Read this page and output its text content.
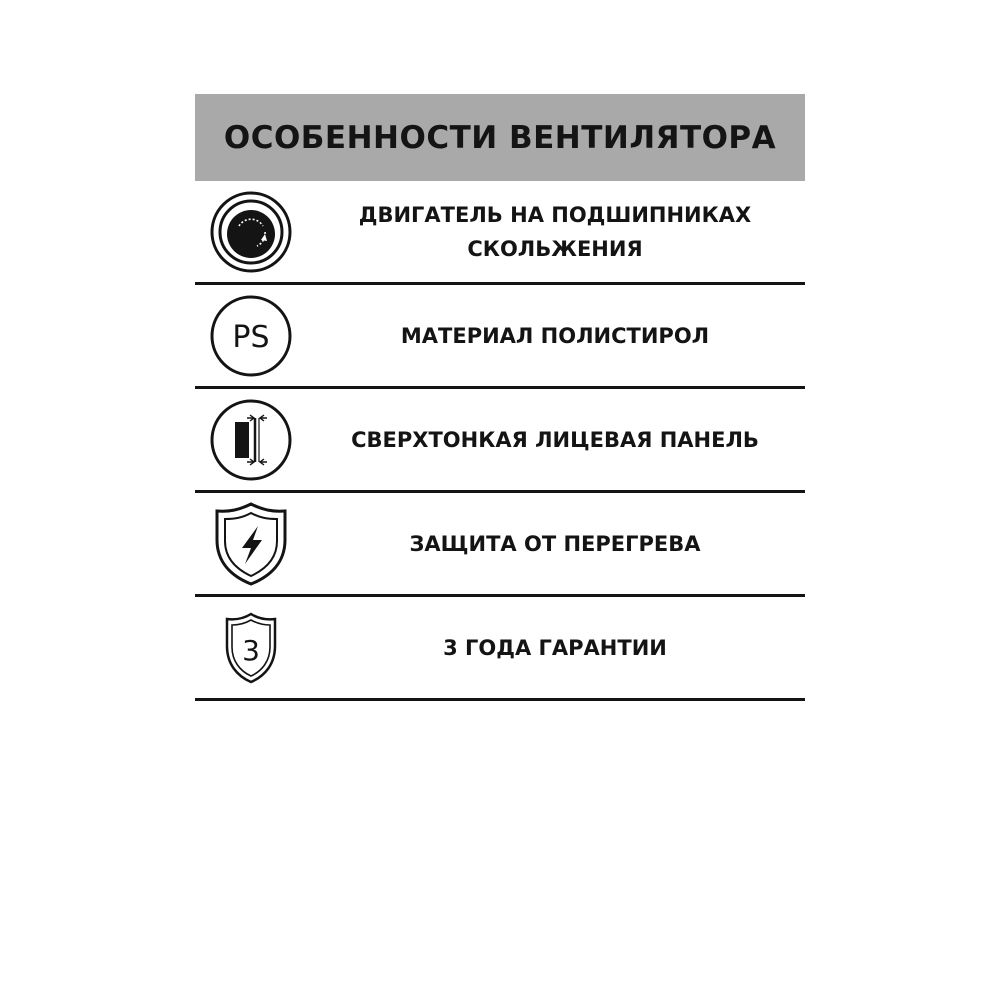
ОСОБЕННОСТИ ВЕНТИЛЯТОРА
ДВИГАТЕЛЬ НА ПОДШИПНИКАХ
СКОЛЬЖЕНИЯ
PS	МАТЕРИАЛ ПОЛИСТИРОЛ
СВЕРХТОНКАЯ ЛИЦЕВАЯ ПАНЕЛЬ
ЗАЩИТА ОТ ПЕРЕГРЕВА
3	3 ГОДА ГАРАНТИИ
